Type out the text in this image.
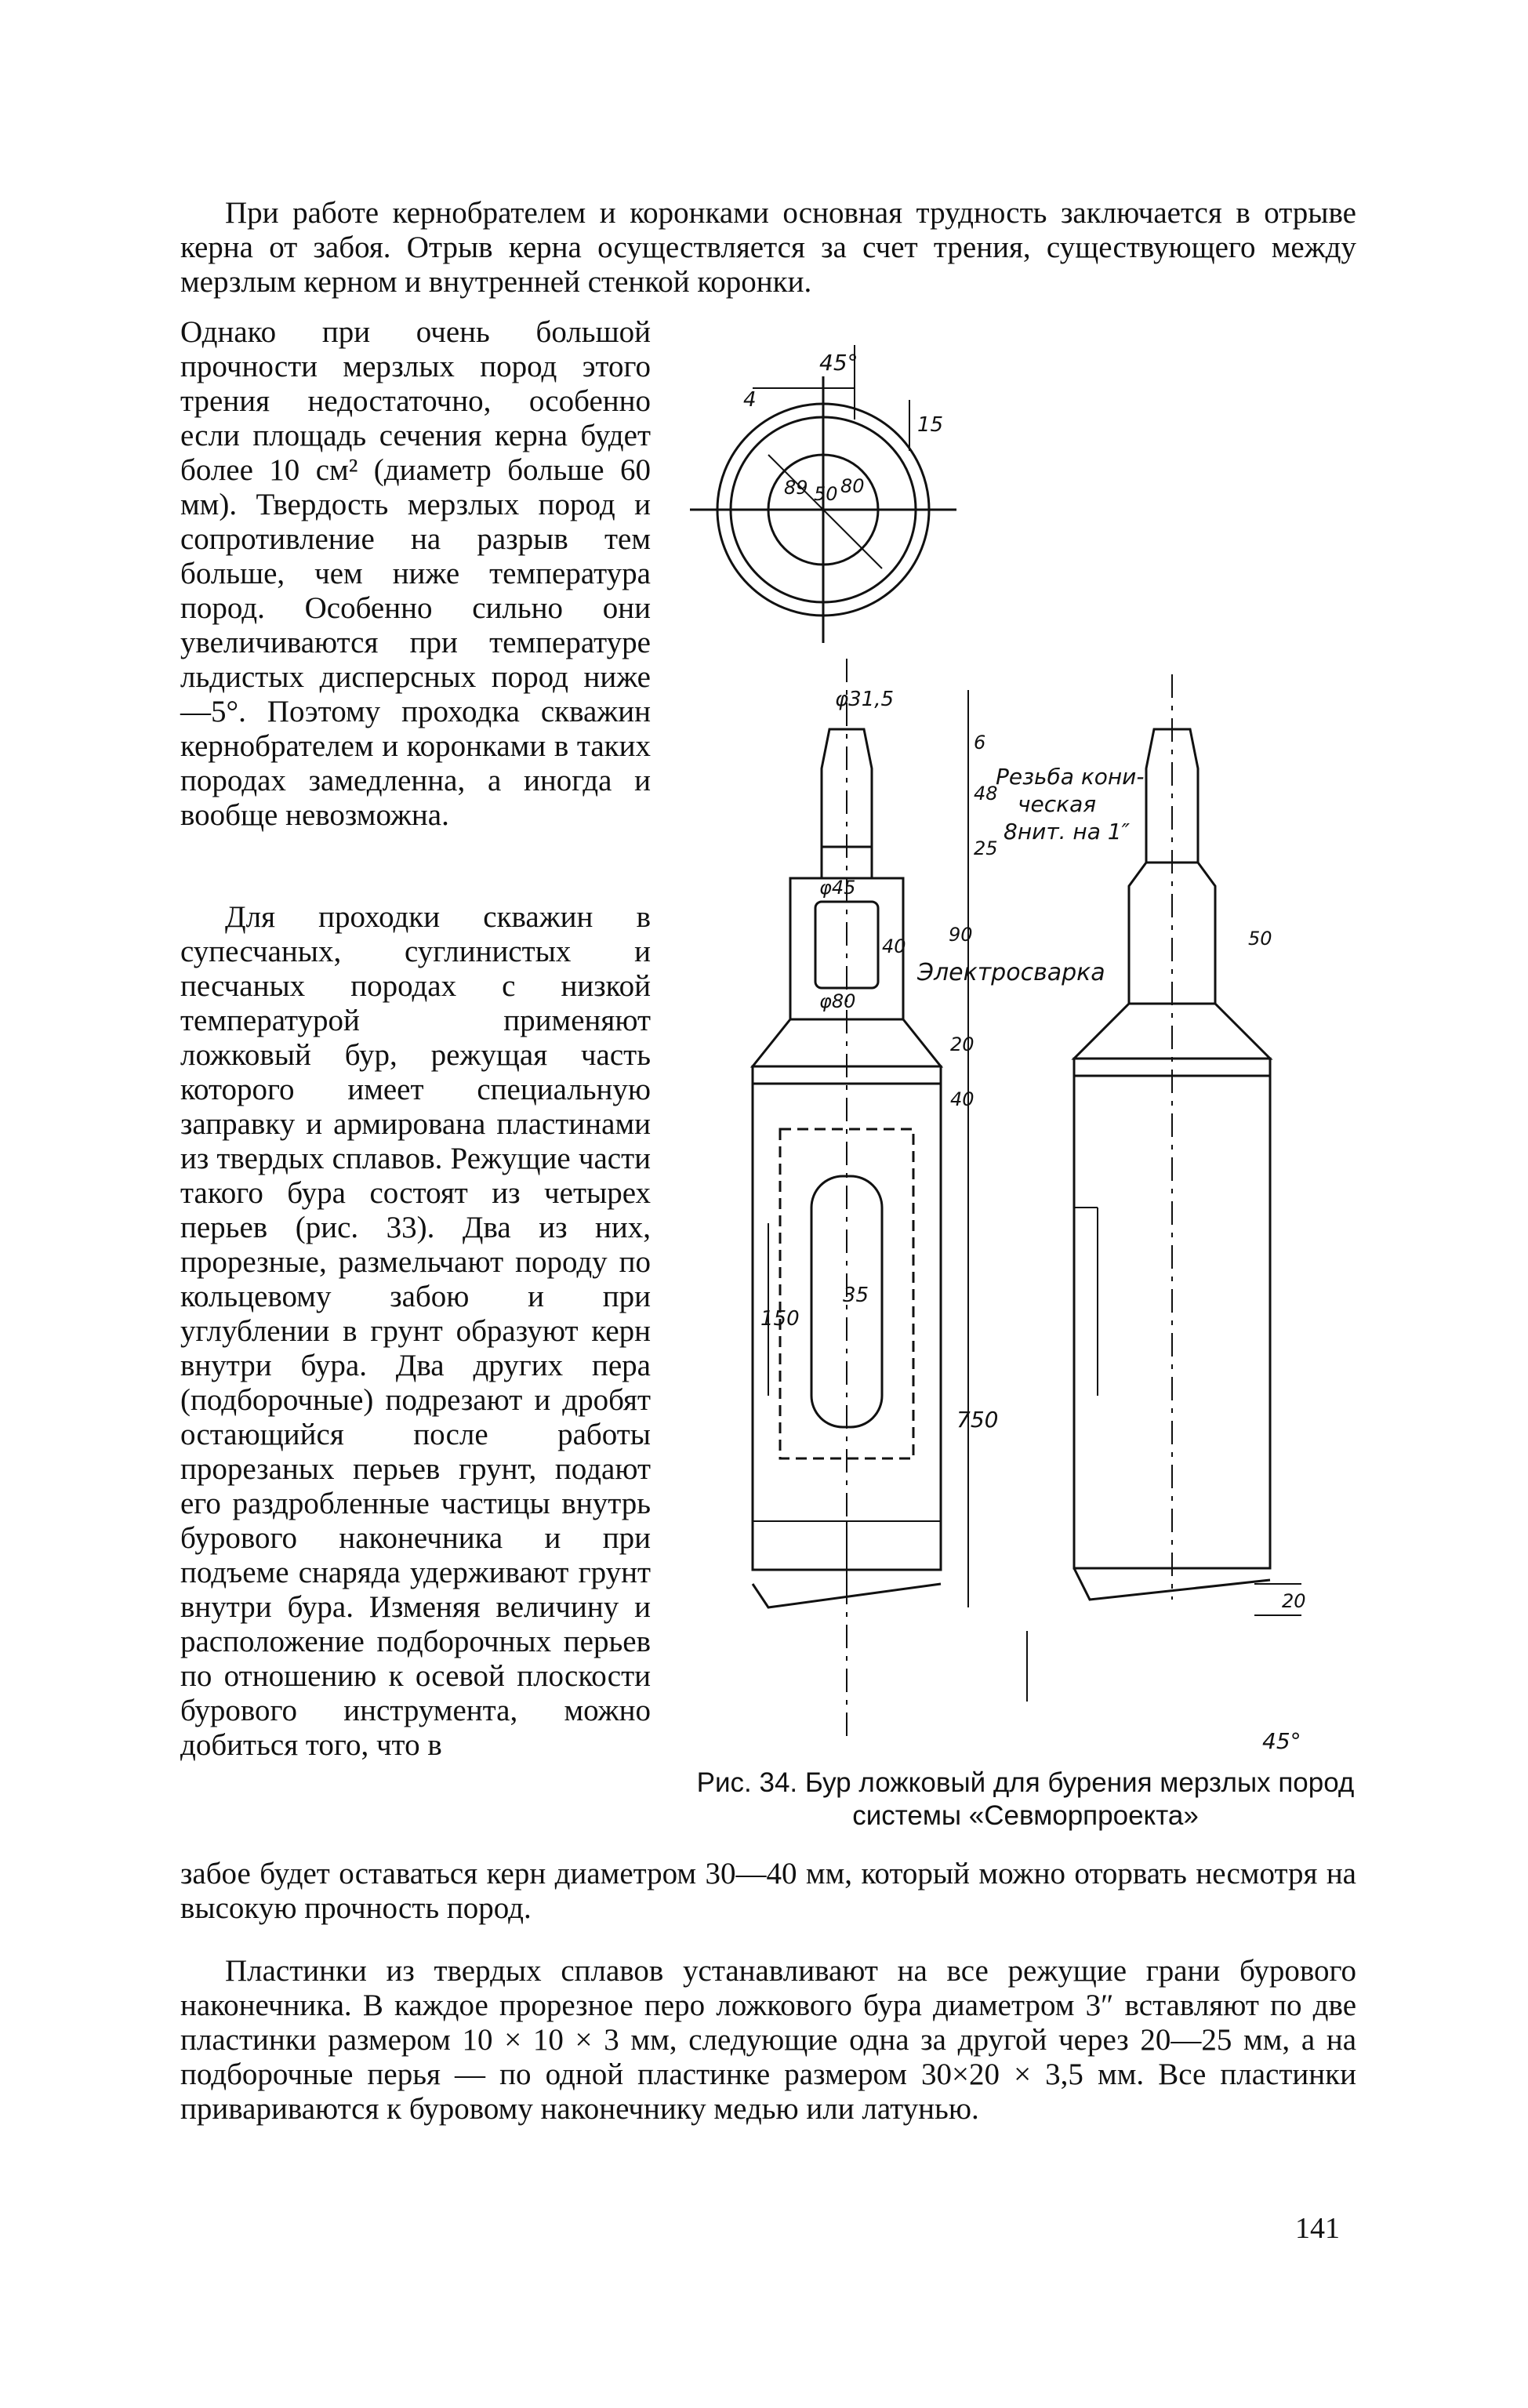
При работе кернобрателем и коронками основная трудность заключается в отрыве керна от забоя. Отрыв керна осуществляется за счет трения, существующего между мерзлым керном и внутренней стенкой коронки.

Однако при очень большой прочности мерзлых пород этого трения недостаточно, особенно если площадь сечения керна будет более 10 см² (диаметр больше 60 мм). Твердость мерзлых пород и сопротивление на разрыв тем больше, чем ниже температура пород. Особенно сильно они увеличиваются при температуре льдистых дисперсных пород ниже —5°. Поэтому проходка скважин кернобрателем и коронками в таких породах замедленна, а иногда и вообще невозможна.

Для проходки скважин в супесчаных, суглинистых и песчаных породах с низкой температурой применяют ложковый бур, режущая часть которого имеет специальную заправку и армирована пластинами из твердых сплавов. Режущие части такого бура состоят из четырех перьев (рис. 33). Два из них, прорезные, размельчают породу по кольцевому забою и при углублении в грунт образуют керн внутри бура. Два других пера (подборочные) подрезают и дробят остающийся после работы прорезаных перьев грунт, подают его раздробленные частицы внутрь бурового наконечника и при подъеме снаряда удерживают грунт внутри бура. Изменяя величину и расположение подборочных перьев по отношению к осевой плоскости бурового инструмента, можно добиться того, что в

45°
4
15
89 50 80
φ31,5
6
48
25
Резьба кони-
ческая
8нит. на 1″
φ45
40
90	50
Электросварка
φ80
20
40
150
35
750
20
45°

Рис. 34. Бур ложковый для бурения мерзлых пород
системы «Севморпроекта»

забое будет оставаться керн диаметром 30—40 мм, который можно оторвать несмотря на высокую прочность пород.

Пластинки из твердых сплавов устанавливают на все режущие грани бурового наконечника. В каждое прорезное перо ложкового бура диаметром 3″ вставляют по две пластинки размером 10 × 10 × 3 мм, следующие одна за другой через 20—25 мм, а на подборочные перья — по одной пластинке размером 30×20 × 3,5 мм. Все пластинки привариваются к буровому наконечнику медью или латунью.

141
